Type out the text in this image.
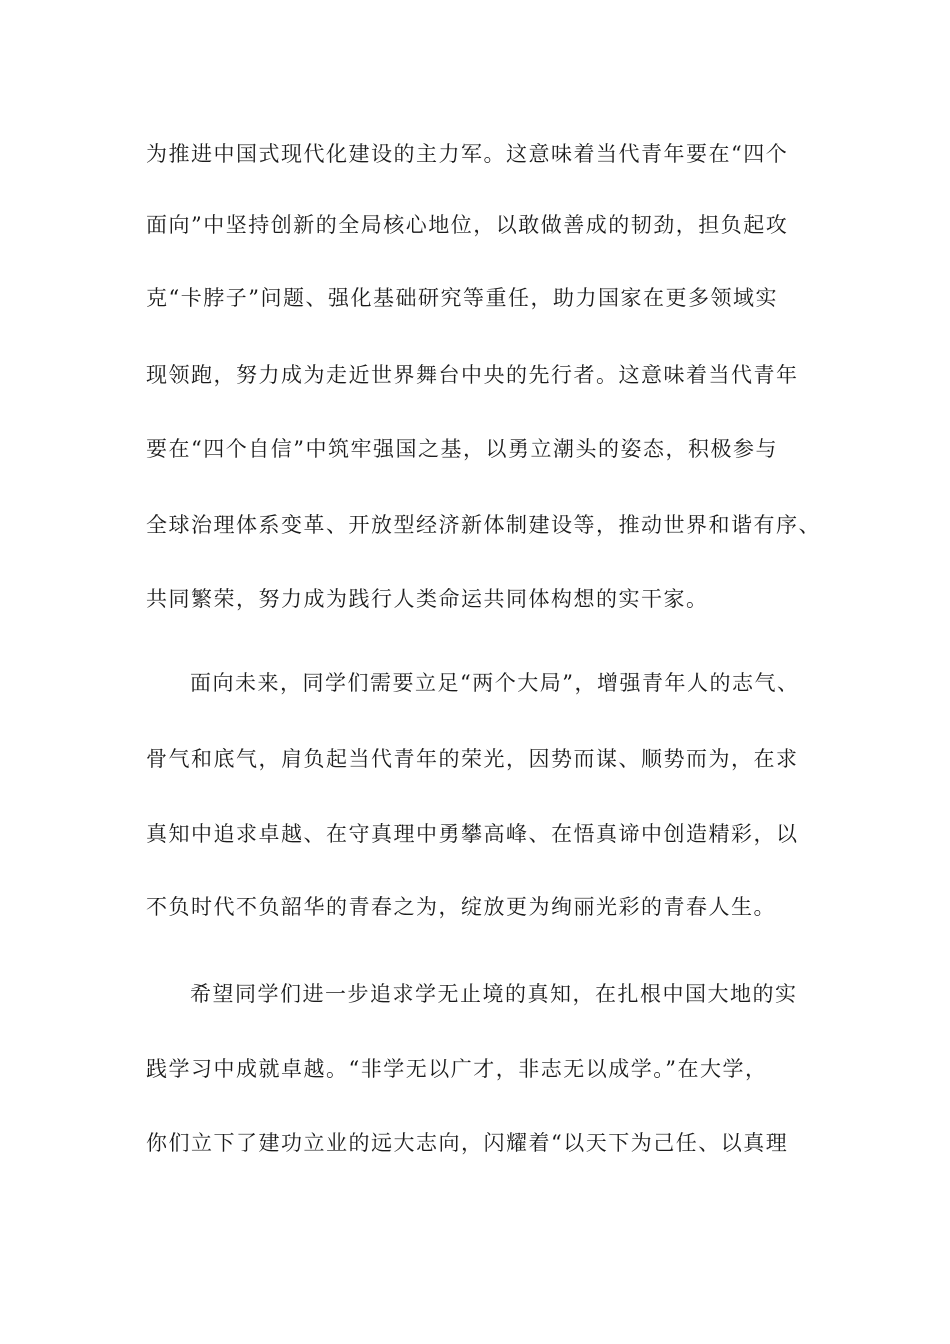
为推进中国式现代化建设的主力军。这意味着当代青年要在“四个

面向”中坚持创新的全局核心地位，以敢做善成的韧劲，担负起攻

克“卡脖子”问题、强化基础研究等重任，助力国家在更多领域实

现领跑，努力成为走近世界舞台中央的先行者。这意味着当代青年

要在“四个自信”中筑牢强国之基，以勇立潮头的姿态，积极参与

全球治理体系变革、开放型经济新体制建设等，推动世界和谐有序、

共同繁荣，努力成为践行人类命运共同体构想的实干家。

面向未来，同学们需要立足“两个大局”，增强青年人的志气、

骨气和底气，肩负起当代青年的荣光，因势而谋、顺势而为，在求

真知中追求卓越、在守真理中勇攀高峰、在悟真谛中创造精彩，以

不负时代不负韶华的青春之为，绽放更为绚丽光彩的青春人生。

希望同学们进一步追求学无止境的真知，在扎根中国大地的实

践学习中成就卓越。“非学无以广才，非志无以成学。”在大学，

你们立下了建功立业的远大志向，闪耀着“以天下为己任、以真理
